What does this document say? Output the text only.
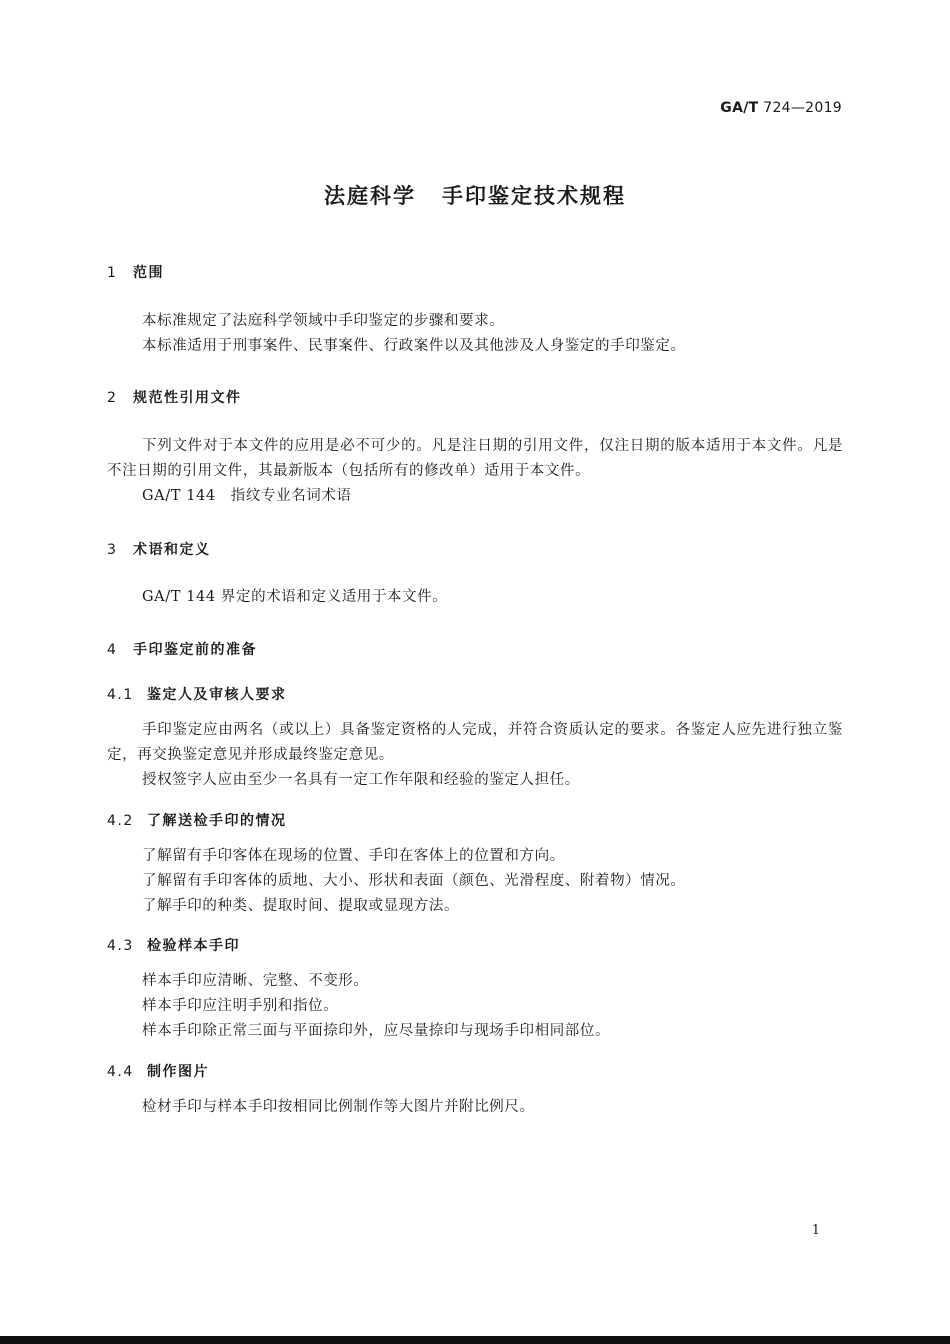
GA/T 724—2019
法庭科学 手印鉴定技术规程
1 范围

本标准规定了法庭科学领域中手印鉴定的步骤和要求。

本标准适用于刑事案件、民事案件、行政案件以及其他涉及人身鉴定的手印鉴定。

2 规范性引用文件

下列文件对于本文件的应用是必不可少的。凡是注日期的引用文件，仅注日期的版本适用于本文件。凡是不注日期的引用文件，其最新版本（包括所有的修改单）适用于本文件。

GA/T 144　指纹专业名词术语

3 术语和定义

GA/T 144 界定的术语和定义适用于本文件。

4 手印鉴定前的准备
4.1 鉴定人及审核人要求

手印鉴定应由两名（或以上）具备鉴定资格的人完成，并符合资质认定的要求。各鉴定人应先进行独立鉴定，再交换鉴定意见并形成最终鉴定意见。

授权签字人应由至少一名具有一定工作年限和经验的鉴定人担任。

4.2 了解送检手印的情况

了解留有手印客体在现场的位置、手印在客体上的位置和方向。

了解留有手印客体的质地、大小、形状和表面（颜色、光滑程度、附着物）情况。

了解手印的种类、提取时间、提取或显现方法。

4.3 检验样本手印

样本手印应清晰、完整、不变形。

样本手印应注明手别和指位。

样本手印除正常三面与平面捺印外，应尽量捺印与现场手印相同部位。

4.4 制作图片

检材手印与样本手印按相同比例制作等大图片并附比例尺。

1
